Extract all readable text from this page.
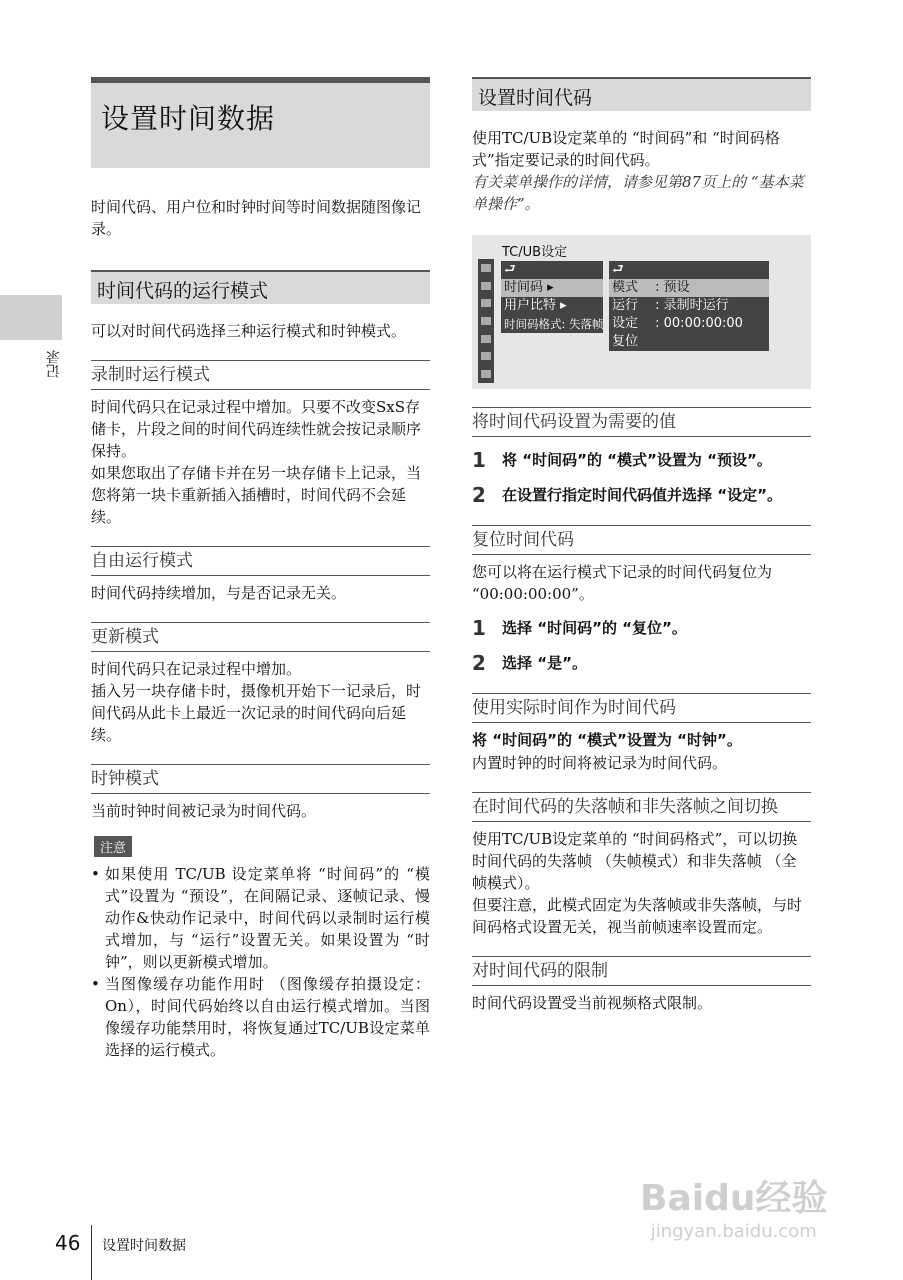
记录
设置时间数据

时间代码、用户位和时钟时间等时间数据随图像记录。

时间代码的运行模式

可以对时间代码选择三种运行模式和时钟模式。

录制时运行模式

时间代码只在记录过程中增加。只要不改变SxS存储卡，片段之间的时间代码连续性就会按记录顺序保持。

如果您取出了存储卡并在另一块存储卡上记录，当您将第一块卡重新插入插槽时，时间代码不会延续。

自由运行模式

时间代码持续增加，与是否记录无关。

更新模式

时间代码只在记录过程中增加。

插入另一块存储卡时，摄像机开始下一记录后，时间代码从此卡上最近一次记录的时间代码向后延续。

时钟模式

当前时钟时间被记录为时间代码。

注意
• 如果使用 TC/UB 设定菜单将 “时间码”的 “模式”设置为 “预设”，在间隔记录、逐帧记录、慢动作&快动作记录中，时间代码以录制时运行模式增加，与 “运行”设置无关。如果设置为 “时钟”，则以更新模式增加。
• 当图像缓存功能作用时 （图像缓存拍摄设定：On），时间代码始终以自由运行模式增加。当图像缓存功能禁用时，将恢复通过TC/UB设定菜单选择的运行模式。
设置时间代码

使用TC/UB设定菜单的 “时间码”和 “时间码格式”指定要记录的时间代码。

有关菜单操作的详情，请参见第87页上的 “基本菜单操作”。

TC/UB设定
⮐
时间码 ▸
用户比特 ▸
时间码格式: 失落帧
⮐
模式　 : 预设
运行　 : 录制时运行
设定　 : 00:00:00:00
复位
将时间代码设置为需要的值
1	将 “时间码”的 “模式”设置为 “预设”。
2	在设置行指定时间代码值并选择 “设定”。
复位时间代码

您可以将在运行模式下记录的时间代码复位为 “00:00:00:00”。

1	选择 “时间码”的 “复位”。
2	选择 “是”。
使用实际时间作为时间代码

将 “时间码”的 “模式”设置为 “时钟”。

内置时钟的时间将被记录为时间代码。

在时间代码的失落帧和非失落帧之间切换

使用TC/UB设定菜单的 “时间码格式”，可以切换时间代码的失落帧 （失帧模式）和非失落帧 （全帧模式）。

但要注意，此模式固定为失落帧或非失落帧，与时间码格式设置无关，视当前帧速率设置而定。

对时间代码的限制

时间代码设置受当前视频格式限制。

Baidu经验
jingyan.baidu.com
46 设置时间数据
